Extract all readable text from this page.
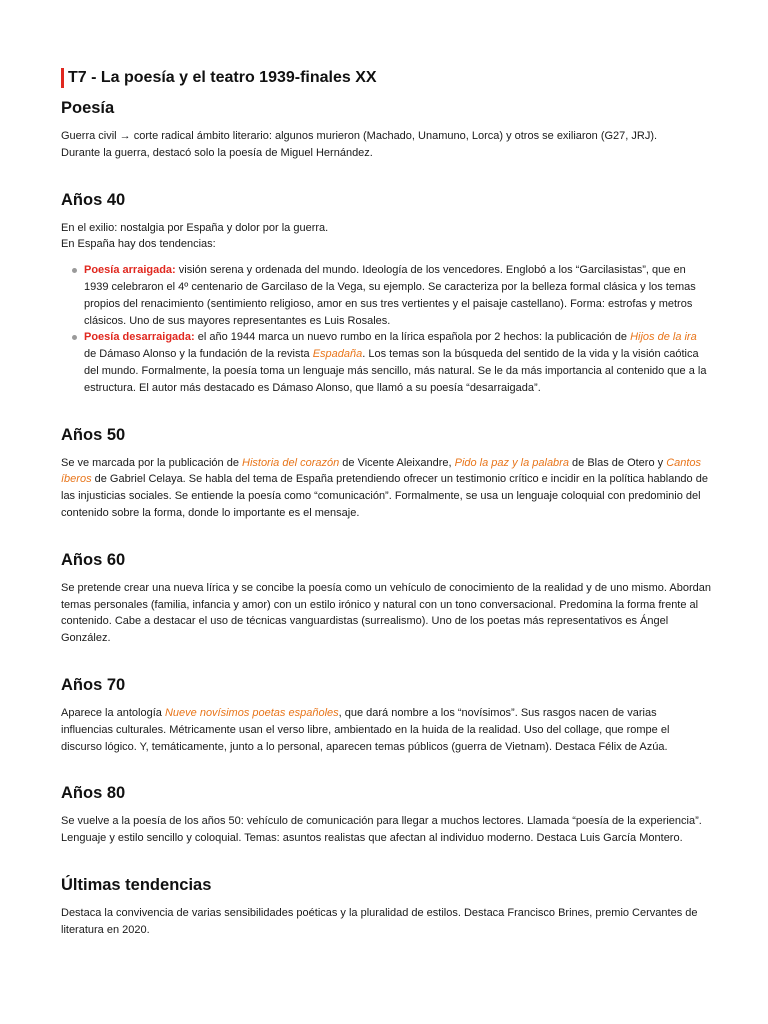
T7 - La poesía y el teatro 1939-finales XX
Poesía

Guerra civil → corte radical ámbito literario: algunos murieron (Machado, Unamuno, Lorca) y otros se exiliaron (G27, JRJ).
Durante la guerra, destacó solo la poesía de Miguel Hernández.

Años 40

En el exilio: nostalgia por España y dolor por la guerra.
En España hay dos tendencias:

Poesía arraigada: visión serena y ordenada del mundo. Ideología de los vencedores. Englobó a los “Garcilasistas”, que en 1939 celebraron el 4º centenario de Garcilaso de la Vega, su ejemplo. Se caracteriza por la belleza formal clásica y los temas propios del renacimiento (sentimiento religioso, amor en sus tres vertientes y el paisaje castellano). Forma: estrofas y metros clásicos. Uno de sus mayores representantes es Luis Rosales.
Poesía desarraigada: el año 1944 marca un nuevo rumbo en la lírica española por 2 hechos: la publicación de Hijos de la ira de Dámaso Alonso y la fundación de la revista Espadaña. Los temas son la búsqueda del sentido de la vida y la visión caótica del mundo. Formalmente, la poesía toma un lenguaje más sencillo, más natural. Se le da más importancia al contenido que a la estructura. El autor más destacado es Dámaso Alonso, que llamó a su poesía “desarraigada”.
Años 50

Se ve marcada por la publicación de Historia del corazón de Vicente Aleixandre, Pido la paz y la palabra de Blas de Otero y Cantos íberos de Gabriel Celaya. Se habla del tema de España pretendiendo ofrecer un testimonio crítico e incidir en la política hablando de las injusticias sociales. Se entiende la poesía como “comunicación”. Formalmente, se usa un lenguaje coloquial con predominio del contenido sobre la forma, donde lo importante es el mensaje.

Años 60

Se pretende crear una nueva lírica y se concibe la poesía como un vehículo de conocimiento de la realidad y de uno mismo. Abordan temas personales (familia, infancia y amor) con un estilo irónico y natural con un tono conversacional. Predomina la forma frente al contenido. Cabe a destacar el uso de técnicas vanguardistas (surrealismo). Uno de los poetas más representativos es Ángel González.

Años 70

Aparece la antología Nueve novísimos poetas españoles, que dará nombre a los “novísimos”. Sus rasgos nacen de varias influencias culturales. Métricamente usan el verso libre, ambientado en la huida de la realidad. Uso del collage, que rompe el discurso lógico. Y, temáticamente, junto a lo personal, aparecen temas públicos (guerra de Vietnam). Destaca Félix de Azúa.

Años 80

Se vuelve a la poesía de los años 50: vehículo de comunicación para llegar a muchos lectores. Llamada “poesía de la experiencia”. Lenguaje y estilo sencillo y coloquial. Temas: asuntos realistas que afectan al individuo moderno. Destaca Luis García Montero.

Últimas tendencias

Destaca la convivencia de varias sensibilidades poéticas y la pluralidad de estilos. Destaca Francisco Brines, premio Cervantes de literatura en 2020.
